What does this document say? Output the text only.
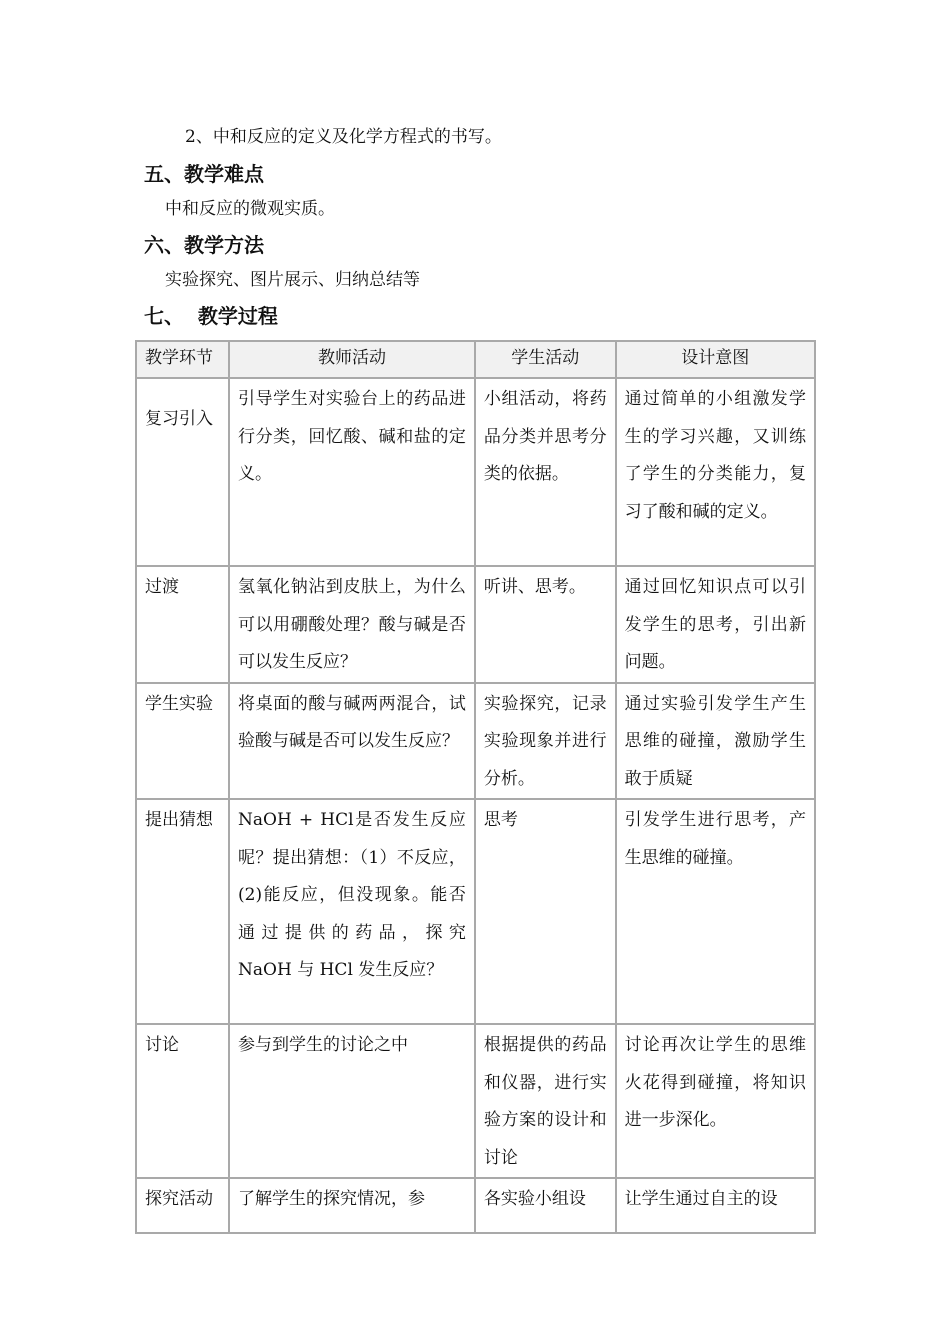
2、中和反应的定义及化学方程式的书写。
五、教学难点
中和反应的微观实质。
六、教学方法
实验探究、图片展示、归纳总结等
七、  教学过程
教学环节	教师活动	学生活动	设计意图
复习引入	引导学生对实验台上的药品进行分类，回忆酸、碱和盐的定义。	小组活动，将药品分类并思考分类的依据。	通过简单的小组激发学生的学习兴趣，又训练了学生的分类能力，复习了酸和碱的定义。
过渡	氢氧化钠沾到皮肤上，为什么可以用硼酸处理？酸与碱是否可以发生反应？	听讲、思考。	通过回忆知识点可以引发学生的思考，引出新问题。
学生实验	将桌面的酸与碱两两混合，试验酸与碱是否可以发生反应？	实验探究，记录实验现象并进行分析。	通过实验引发学生产生思维的碰撞，激励学生敢于质疑
提出猜想	NaOH + HCl是否发生反应呢？提出猜想：（1）不反应，(2)能反应，但没现象。能否通过提供的药品，探究 NaOH 与 HCl 发生反应？	思考	引发学生进行思考，产生思维的碰撞。
讨论	参与到学生的讨论之中	根据提供的药品和仪器，进行实验方案的设计和讨论	讨论再次让学生的思维火花得到碰撞，将知识进一步深化。
探究活动	了解学生的探究情况，参	各实验小组设	让学生通过自主的设
